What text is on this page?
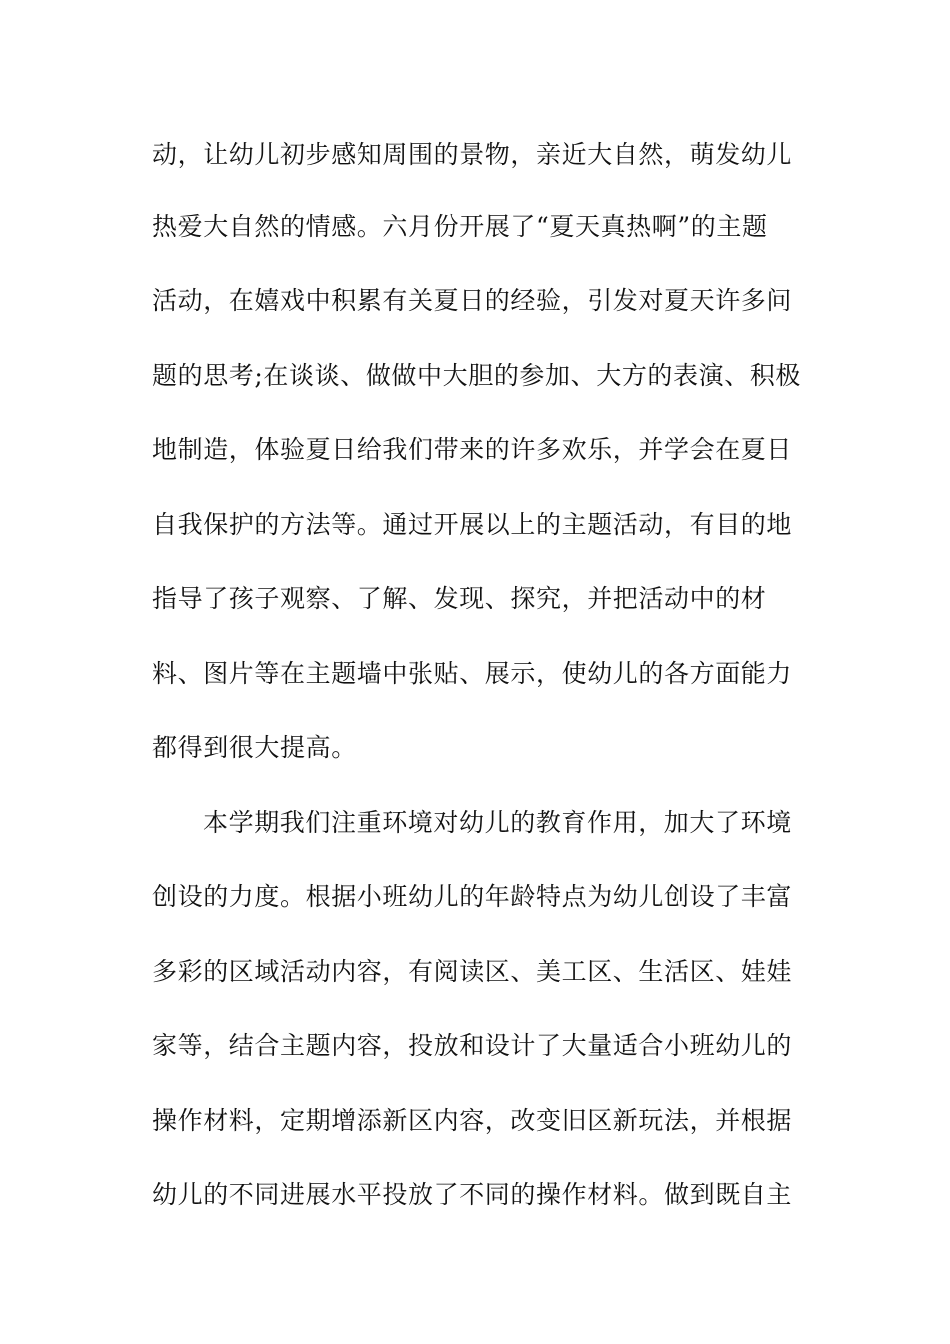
动，让幼儿初步感知周围的景物，亲近大自然，萌发幼儿
热爱大自然的情感。六月份开展了“夏天真热啊”的主题
活动，在嬉戏中积累有关夏日的经验，引发对夏天许多问
题的思考;在谈谈、做做中大胆的参加、大方的表演、积极
地制造，体验夏日给我们带来的许多欢乐，并学会在夏日
自我保护的方法等。通过开展以上的主题活动，有目的地
指导了孩子观察、了解、发现、探究，并把活动中的材
料、图片等在主题墙中张贴、展示，使幼儿的各方面能力
都得到很大提高。
本学期我们注重环境对幼儿的教育作用，加大了环境
创设的力度。根据小班幼儿的年龄特点为幼儿创设了丰富
多彩的区域活动内容，有阅读区、美工区、生活区、娃娃
家等，结合主题内容，投放和设计了大量适合小班幼儿的
操作材料，定期增添新区内容，改变旧区新玩法，并根据
幼儿的不同进展水平投放了不同的操作材料。做到既自主
